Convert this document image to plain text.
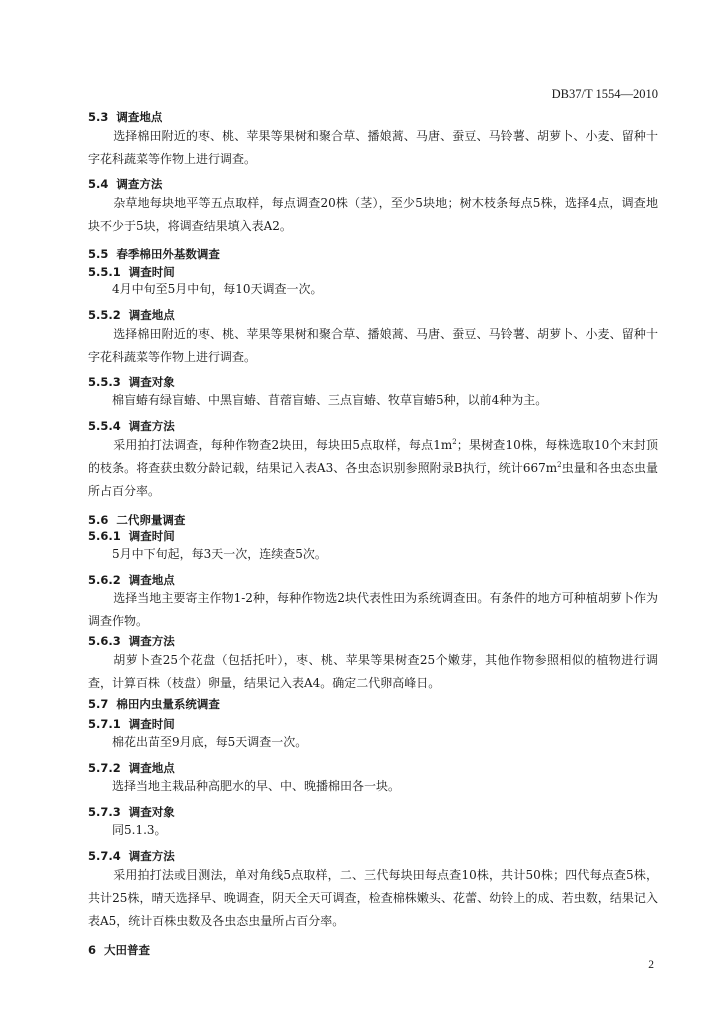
DB37/T 1554—2010
5.3  调查地点
选择棉田附近的枣、桃、苹果等果树和聚合草、播娘蒿、马唐、蚕豆、马铃薯、胡萝卜、小麦、留种十字花科蔬菜等作物上进行调查。
5.4  调查方法
杂草地每块地平等五点取样，每点调查20株（茎），至少5块地；树木枝条每点5株，选择4点，调查地块不少于5块，将调查结果填入表A2。
5.5  春季棉田外基数调查
5.5.1  调查时间
4月中旬至5月中旬，每10天调查一次。
5.5.2  调查地点
选择棉田附近的枣、桃、苹果等果树和聚合草、播娘蒿、马唐、蚕豆、马铃薯、胡萝卜、小麦、留种十字花科蔬菜等作物上进行调查。
5.5.3  调查对象
棉盲蝽有绿盲蝽、中黑盲蝽、苜蓿盲蝽、三点盲蝽、牧草盲蝽5种，以前4种为主。
5.5.4  调查方法
采用拍打法调查，每种作物查2块田，每块田5点取样，每点$1m^2$；果树查10株，每株选取10个末封顶的枝条。将查获虫数分龄记载，结果记入表A3、各虫态识别参照附录B执行，统计$667m^2$虫量和各虫态虫量所占百分率。
5.6  二代卵量调查
5.6.1  调查时间
5月中下旬起，每3天一次，连续查5次。
5.6.2  调查地点
选择当地主要寄主作物1-2种，每种作物选2块代表性田为系统调查田。有条件的地方可种植胡萝卜作为调查作物。
5.6.3  调查方法
胡萝卜查25个花盘（包括托叶），枣、桃、苹果等果树查25个嫩芽，其他作物参照相似的植物进行调查，计算百株（枝盘）卵量，结果记入表A4。确定二代卵高峰日。
5.7  棉田内虫量系统调查
5.7.1  调查时间
棉花出苗至9月底，每5天调查一次。
5.7.2  调查地点
选择当地主栽品种高肥水的早、中、晚播棉田各一块。
5.7.3  调查对象
同5.1.3。
5.7.4  调查方法
采用拍打法或目测法，单对角线5点取样，二、三代每块田每点查10株，共计50株；四代每点查5株，共计25株，晴天选择早、晚调查，阴天全天可调查，检查棉株嫩头、花蕾、幼铃上的成、若虫数，结果记入表A5，统计百株虫数及各虫态虫量所占百分率。
6  大田普查
2
